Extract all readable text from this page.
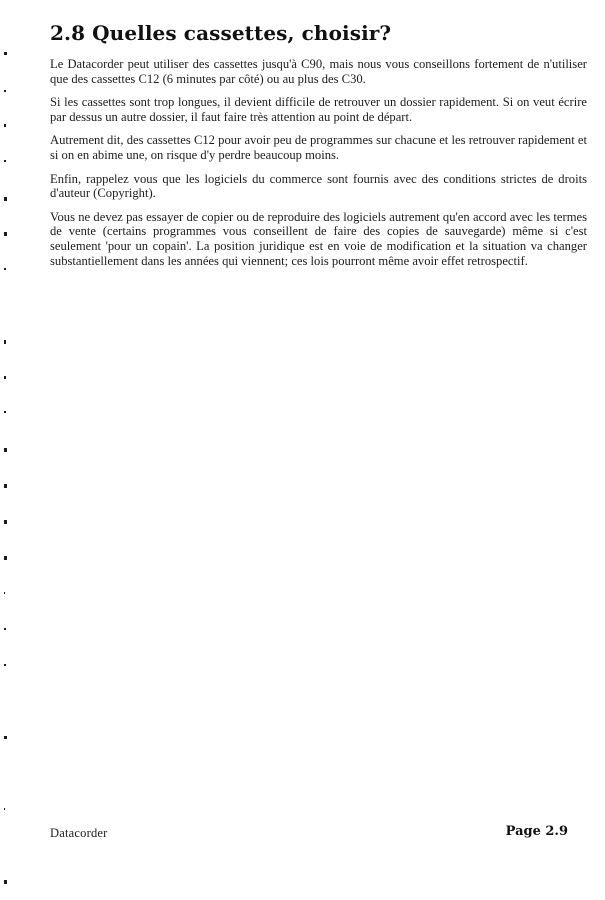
2.8 Quelles cassettes, choisir?

Le Datacorder peut utiliser des cassettes jusqu'à C90, mais nous vous conseillons fortement de n'utiliser que des cassettes C12 (6 minutes par côté) ou au plus des C30.

Si les cassettes sont trop longues, il devient difficile de retrouver un dossier rapidement. Si on veut écrire par dessus un autre dossier, il faut faire très attention au point de départ.

Autrement dit, des cassettes C12 pour avoir peu de programmes sur chacune et les retrouver rapidement et si on en abime une, on risque d'y perdre beaucoup moins.

Enfin, rappelez vous que les logiciels du commerce sont fournis avec des conditions strictes de droits d'auteur (Copyright).

Vous ne devez pas essayer de copier ou de reproduire des logiciels autrement qu'en accord avec les termes de vente (certains programmes vous conseillent de faire des copies de sauvegarde) même si c'est seulement 'pour un copain'. La position juridique est en voie de modification et la situation va changer substantiellement dans les années qui viennent; ces lois pourront même avoir effet retrospectif.

Datacorder	Page 2.9
